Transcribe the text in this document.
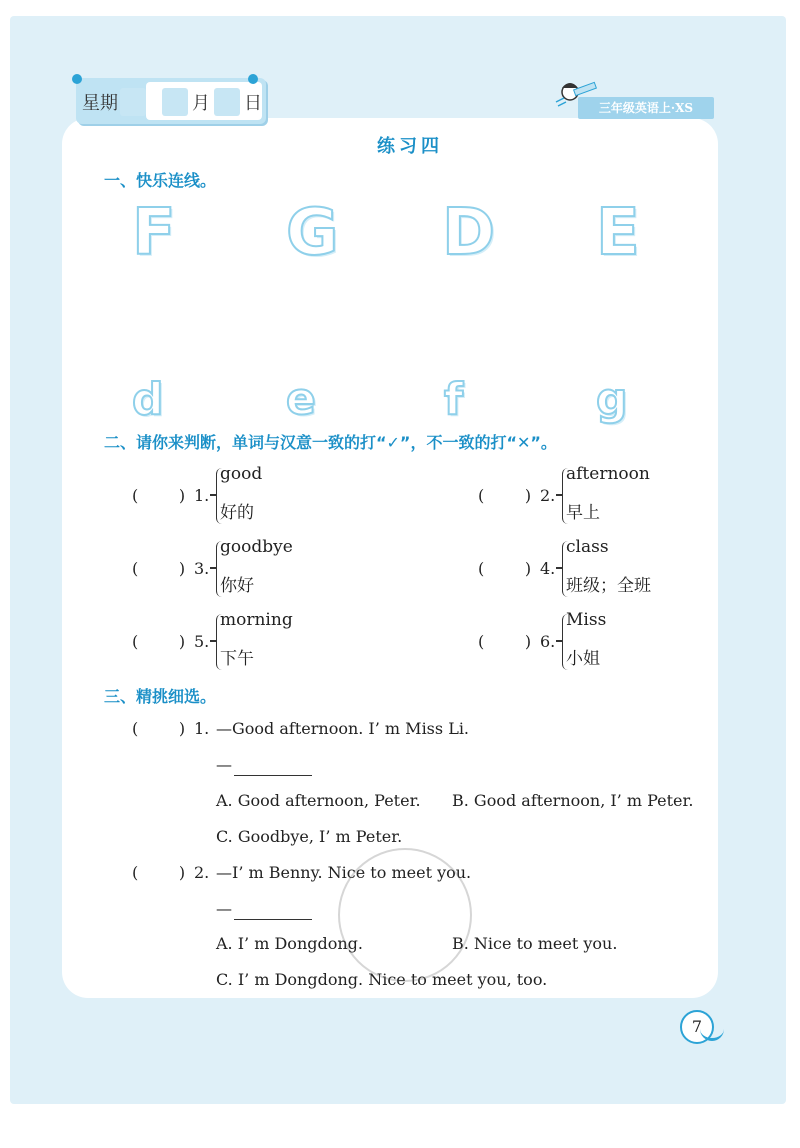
星期	月 日	三年级英语上·XS
练习四
一、快乐连线。
F G D E
d	e	f	g
二、请你来判断，单词与汉意一致的打“✓”，不一致的打“✕”。
(        ) 1.
good
好的
(        ) 2.
afternoon
早上
(        ) 3.
goodbye
你好
(        ) 4.
class
班级；全班
(        ) 5.
morning
下午
(        ) 6.
Miss
小姐
三、精挑细选。
(        ) 1. —Good afternoon. I’ m Miss Li.
—
A. Good afternoon, Peter. B. Good afternoon, I’ m Peter.
C. Goodbye, I’ m Peter.
(        ) 2. —I’ m Benny. Nice to meet you.
—
A. I’ m Dongdong.	B. Nice to meet you.
C. I’ m Dongdong. Nice to meet you, too.
7
